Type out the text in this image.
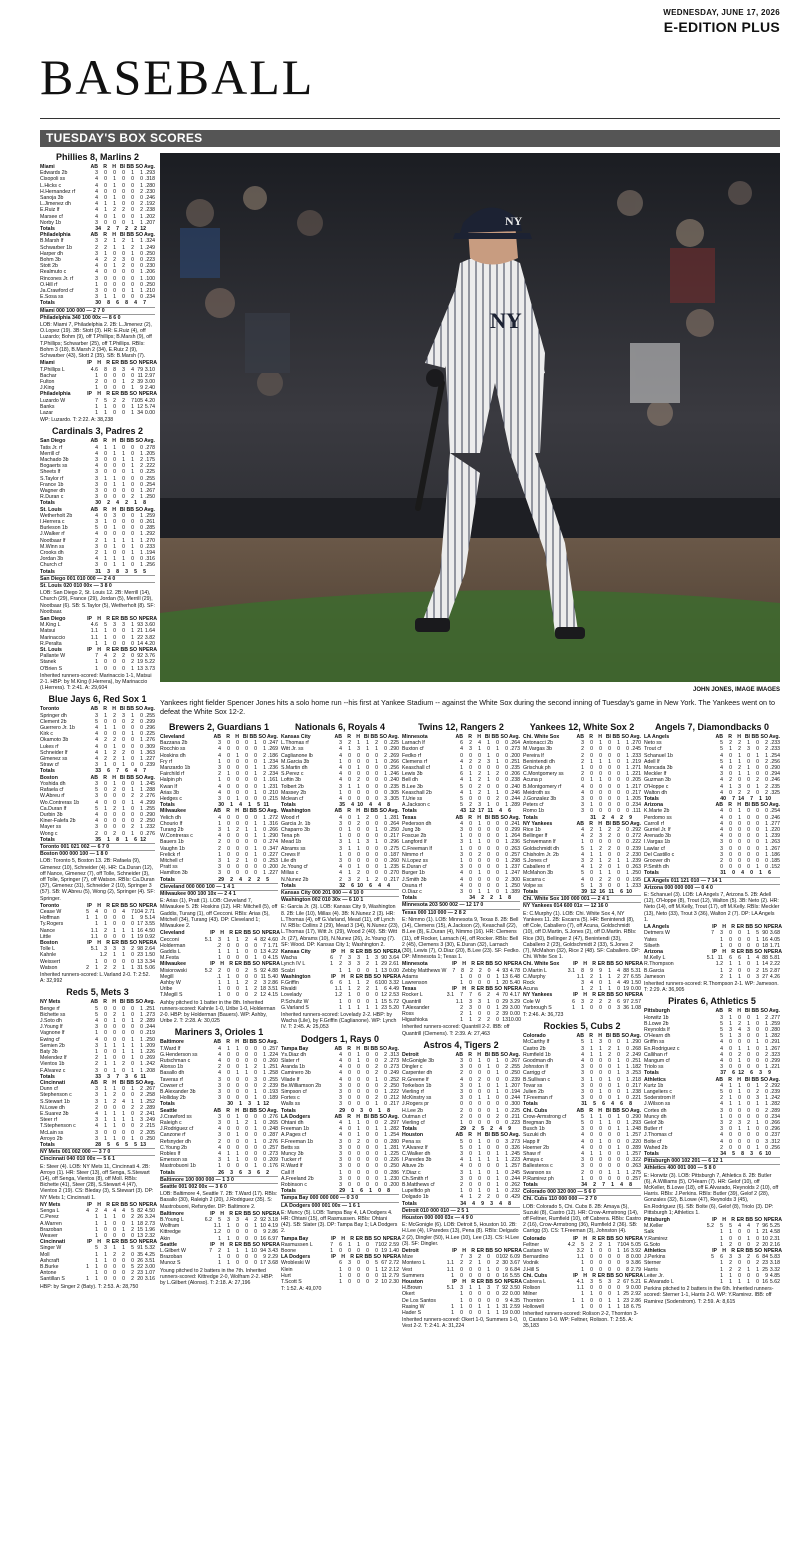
WEDNESDAY, JUNE 17, 2026
E-EDITION PLUS
BASEBALL
TUESDAY'S BOX SCORES
Phillies 8, Marlins 2
Miami	AB	R	H BI BB SO Avg.
Edwards 2b	3	0	0	0	1	1 .293
Cisopoli ss	4	0	1	0	0	0 .318
L.Hicks c	4	0	1	0	0	1 .280
H.Hernandez rf	4	0	0	0	0	2 .230
Sanoja 3b	4	0	1	0	0	0 .246
L.Jimenez dh	4	1	1	0	0	2 .192
E.Ruiz lf	4	1	2	2	0	2 .238
Marsee cf	4	0	1	0	0	1 .202
Norby 1b	3	0	0	0	1	1 .207
Totals	34	2	7	2	2 12
Philadelphia	AB	R	H BI BB SO Avg.
B.Marsh lf	3	2	1	2	1	1 .324
Schwarber 1b	2	2	1	1	2	1 .249
Harper dh	3	1	0	0	1	0 .250
Bohm 3b	4	2	2	3	0	0 .223
Stott 2b	4	0	1	2	0	0 .230
Realmuto c	4	0	0	0	0	1 .206
Rincones Jr. rf	3	0	0	0	0	1 .100
O.Hill rf	1	0	0	0	0	0 .250
Ja.Crawford cf	3	0	0	0	1	1 .210
E.Sosa ss	3	1	1	0	0	0 .234
Totals	30	8	6	8	4	7
Miami 000 100 000 — 2 7 0
Philadelphia 340 100 00x — 8 6 0
LOB: Miami 7, Philadelphia 2. 2B: L.Jimenez (2), O.Lopez (19). 3B: Stott (3). HR: E.Ruiz (4), off Luzardo; Bohm (9), off T.Phillips; B.Marsh (9), off T.Phillips; Schwarber (25), off T.Phillips. RBIs: Bohm 3 (18), B.Marsh 2 (34), E.Ruiz 2 (9), Schwarber (43), Stott 2 (35). SB: B.Marsh (7).
Miami	IP	H	R ER BB SO NP ERA
T.Phillips L	4.6	8	8	3	4 79 3.10
Bachar	1	0	0	0	0 11 2.97
Fulton	2	0	0	1	2 39 3.00
J.King	1	0	0	0	1	9 2.40
Philadelphia	IP	H	R ER BB SO NP ERA
Luzardo W	7	5	2	2	7 105 4.20
Banks	1	1	0	0	1 12 5.74
Lazar	1	1	0	0	1 34 0.00
WP: Luzardo. T: 2:22. A: 38,238
Cardinals 3, Padres 2
San Diego	AB	R	H BI BB SO Avg.
Tatis Jr. rf	4	1	1	0	0	0 .278
Merrill cf	4	0	1	1	0	1 .205
Machado 3b	3	0	0	1	1	2 .175
Bogaerts ss	4	0	0	0	1	2 .222
Sheets lf	3	0	0	0	1	0 .225
S.Taylor rf	3	1	1	0	0	0 .255
France 1b	3	0	1	1	0	0 .254
Wagner dh	3	0	0	0	0	1 .267
R.Duran c	3	0	0	0	2	1 .250
Totals	30	2	4	2	1	8
St. Louis	AB	R	H BI BB SO Avg.
Wetherholt 2b	4	0	3	0	0	1 .259
I.Herrera c	3	1	0	0	0	0 .261
Burleson 1b	5	0	1	0	0	0 .285
J.Walker rf	4	0	0	0	0	1 .292
Nootbaar lf	2	1	1	1	1	1 .270
M.Winn ss	3	0	1	0	1	0 .233
Crooks dh	2	1	0	0	1	1 .194
Jordan 3b	4	1	1	1	0	0 .316
Church cf	3	0	1	1	0	1 .256
Totals	31	3	8	3	5	5
San Diego 001 010 000 — 2 4 0
St. Louis 020 010 00x — 3 8 0
LOB: San Diego 2, St. Louis 12. 2B: Merrill (14), Church (29), France (29), Jordan (5), Merrill (29), Nootbaar (6). SB: S.Taylor (5), Wetherholt (8). SF: Nootbaar.
San Diego	IP	H	R ER BB SO NP ERA
M.King L	4.6	5	3	3	1 93 3.60
Matsui	1.1	1	0	0	1 21 1.64
Marinaccio	1.1	1	0	0	1 22 3.82
R.Peralta	1	1	0	0	0 14 4.20
St. Louis	IP	H	R ER BB SO NP ERA
Pallante W	7	4	2	2	0 92 3.76
Stanek	1	0	0	0	2 19 5.22
O'Brien S	1	0	0	0	1 13 3.73
Inherited runners-scored: Marinaccio 1-1, Matsui 2-1. HBP: by M.King (I.Herrera), by Marinaccio (I.Herrera). T: 2:41. A: 29,604
Blue Jays 6, Red Sox 1
Toronto	AB	R	H BI BB SO Avg.
Springer dh	3	1	2	3	1	0 .255
Clement 2b	5	0	0	0	2	0 .299
Guerrero Jr. 1b	4	1	1	0	0	0 .296
Kirk c	4	0	0	0	1	0 .225
Okamoto 3b	4	2	2	0	0	1 .276
Lukes rf	4	0	1	0	0	0 .309
Schneider lf	4	1	2	2	0	1 .363
Gimenez ss	4	2	2	1	0	1 .227
Straw cf	3	1	0	1	0	0 .239
Totals	33	6	7	6	4	7
Boston	AB	R	H BI BB SO Avg.
Yoshida dh	3	0	1	0	0	1 .245
Rafaela cf	5	0	2	0	1	1 .288
W.Abreu rf	3	0	0	0	2	2 .276
Wo.Contreras 1b	4	0	0	0	1	4 .299
Ca.Duran lf	5	1	2	1	0	1 .255
Durbin 3b	4	0	0	0	0	0 .290
Kiner-Falefa 2b	4	0	0	0	0	2 .250
Mayer ss	3	0	0	0	2	1 .232
Wong c	2	0	2	0	1	0 .276
Totals	35	1	8	1	6 12
Toronto 001 021 002 — 6 7 0
Boston 000 000 100 — 1 8 0
LOB: Toronto 5, Boston 13. 2B: Rafaela (9), Gimenez (10), Schneider (4). HR: Ca.Duran (12), off Nance, Gimenez (7), off Tolle, Schneider (3), off Tolle, Springer (7), off Watson. RBIs: Ca.Duran (37), Gimenez (31), Schneider 2 (10), Springer 3 (57). SB: W.Abreu (5), Wong (2), Springer (4). SF: Springer.
Toronto	IP	H	R ER BB SO NP ERA
Cease W	5	4	0	0	4	7 104 2.71
Hoffman	1	1	0	0	0	1	9 5.14
Ty.Rogers	1	1	0	0	0 17 3.55
Nance	1.1	2	1	1	1 16 4.50
Little	1.1	0	0	0	1 19 0.92
Boston	IP	H	R ER BB SO NP ERA
Tolle L	5.1	3	3	3	2 98 2.64
Kahnle	1.2	1	1	0 23 1.50
Weissert	1	0	0	0	0 13 3.34
Watson	2	1	2	2	1	1 31 5.06
Inherited runners-scored: L.Varland 2-0. T: 2:52. A: 32,992
Reds 5, Mets 3
NY Mets	AB	R	H BI BB SO Avg.
Benge rf	5	0	0	0	0	1 .251
Bichette ss	5	0	2	1	0	1 .273
J.Soto dh	4	0	1	0	1	2 .289
J.Young lf	3	0	0	0	0	0 .244
Vagnone lf	1	0	0	0	0	0 .219
Ewing cf	4	0	0	0	1	1 .250
Semien 2b	3	1	1	1	1	1 .209
Baty 3b	1	0	0	1	1	1 .226
Melendez lf	2	1	0	0	1	0 .269
Vientos 1b	2	1	1	2	0	1 .242
F.Alvarez c	3	0	1	0	1	1 .208
Totals	33	3	7	3	6 11
Cincinnati	AB	R	H BI BB SO Avg.
Dunn cf	3	1	1	0	1	2 .267
Stephenson c	3	1	2	0	0	2 .258
S.Stewart 1b	3	1	2	4	1	1 .252
N.Lowe dh	2	0	0	0	2	2 .289
E.Suarez 3b	4	1	1	1	0	2 .241
Steer rf	3	1	1	1	1	3 .249
T.Stephenson c	4	1	1	0	0	2 .215
McLain ss	3	0	0	0	0	2 .205
Arroyo 2b	3	1	1	0	1	0 .250
Totals	28	5	6	5	5 13
NY Mets 001 002 000 — 3 7 0
Cincinnati 040 010 00x — 5 6 1
E: Steer (4). LOB: NY Mets 11, Cincinnati 4. 2B: Arroyo (1). HR: Steer (13), off Senga, S.Stewart (14), off Senga, Vientos (8), off Moll. RBIs: Bichette (41), Steer (28), S.Stewart 4 (47), Vientos 2 (19). CS: Bleday (3), S.Stewart (3). DP: NY Mets 1; Cincinnati 1.
NY Mets	IP	H	R ER BB SO NP ERA
Senga L	4	2	4	4	4	5 82 4.50
C.Perez	1	1	1	0	2 26 3.24
A.Warren	1	1	0	0	1 18 2.73
Brazoban	1	0	0	1	2 15 1.96
Weaver	1	0	0	0	0 13 2.32
Cincinnati	IP	H	R ER BB SO NP ERA
Singer W	5	3	1	1	5 91 5.32
Moll	1	1	2	2	0 35 4.25
Ashcraft	1	1	0	0	0 26 3.51
B.Burke	1	1	0	0	0	5 22 3.00
Antone	1	0	0	0	2 23 1.07
Santillan S	1	1	0	0	0	2 20 3.16
HBP: by Singer 2 (Baty). T: 2:53. A: 28,750
NY
NY
JOHN JONES, IMAGE IMAGES
Yankees right fielder Spencer Jones hits a solo home run --his first at Yankee Stadium -- against the White Sox during the second inning of Tuesday's game in New York. The Yankees went on to defeat the White Sox 12-2.
Brewers 2, Guardians 1
Cleveland	AB	R	H BI BB SO Avg.
Bazzana 2b	3	0	0	0	1	0 .247
Rocchio ss	4	0	0	0	0	1 .269
Hoskins dh	4	0	1	0	0	2 .186
Fry rf	1	0	0	0	0	1 .234
Manzardo 1b	3	0	0	0	1	1 .236
Fairchild rf	2	1	0	0	1	2 .234
Halpin ph	1	0	0	0	0	1 .161
Kwan lf	4	0	0	0	0	1 .231
Arias 3b	4	0	0	0	1	0 .210
Hedges c	3	0	1	0	0	0 .215
Totals	30	1	4	1	5 11
Milwaukee	AB	R	H BI BB SO Avg.
Yelich dh	4	0	0	0	0	1 .272
Chourio lf	1	0	0	0	1	1 .316
Turang 2b	3	1	2	1	1	0 .266
W.Contreras c	4	0	0	0	1	1 .290
Bauers 1b	2	0	0	0	0	0 .274
Vaughn 1b	2	0	0	0	1	0 .347
Frelick rf	1	0	0	0	1	0 .227
Mitchell cf	3	1	2	1	0	0 .253
Pratt ss	3	0	0	0	0	0 .200
Hamilton 3b	3	0	0	0	0	1 .227
Totals	29	2	4	2	2	5
Cleveland 000 000 100 — 1 4 1
Milwaukee 000 100 10x — 2 4 1
E: Arias (1), Pratt (1). LOB: Cleveland 7, Milwaukee 5. 2B: Hoskins (12). HR: Mitchell (5), off Gaddis, Turang (1), off Cecconi. RBIs: Arias (5), Mitchell (34), Turang (43). DP: Cleveland 1; Milwaukee 2.
Cleveland	IP	H	R ER BB SO NP ERA
Cecconi	5.1	3	1	1	2	4 82 4.60
Holderman	.2	0	0	0	0	7 1.71
Gaddis L	1	1	1	0	0 13 4.22
M.Festa	1	0	0	0	1	0 4.15
Milwaukee	IP	H	R ER BB SO NP ERA
Misiorowski	5.2	2	0	0	2	5 92 4.88
Megill	.1	1	0	0	0 11 5.40
Ashby W	1	1	1	2	2	3 2.86
Uribe	1	0	0	1	2 18 3.51
T.Megill S	1	0	0	0	2 12 4.15
Ashby pitched to 1 batter in the 8th. Inherited runners-scored: Kahnle 1-0, Uribe 1-0, Holderman 2-0. HBP: by Holderman (Bauers). WP: Ashby, Uribe 2. T: 2:28. A: 30,025
Mariners 3, Orioles 1
Baltimore	AB	R	H BI BB SO Avg.
T.Ward lf	4	1	1	0	0	0 .257
G.Henderson ss	4	0	0	0	0	1 .224
Rutschman c	4	0	0	0	0	0 .260
Alonso 1b	2	0	0	1	2	1 .251
Basallo dh	4	0	1	1	0	1 .258
Taveras rf	3	0	0	0	3	0 .255
Cowser cf	3	0	0	0	0	2 .239
B.Alexander 3b	3	0	0	0	1	0 .193
Holliday 2b	3	0	0	0	1	0 .189
Totals	30	1	3	1 12
Seattle	AB	R	H BI BB SO Avg.
J.Crawford ss	3	0	1	0	0	0 .276
Raleigh c	3	0	1	2	1	0 .265
J.Rodriguez cf	4	0	0	0	1	0 .248
Canzone rf	3	0	1	0	0	0 .287
Refsnyder dh	2	0	0	0	1	0 .276
C.Young 2b	4	0	0	0	0	0 .257
Robles lf	4	1	1	0	0	0 .273
Emerson ss	3	1	1	0	0	0 .209
Mastrobuoni 1b	1	0	0	0	1	0 .176
Totals	26	3	6	3	6	2
Baltimore 100 000 000 — 1 3 0
Seattle 001 002 00x — 3 6 0
LOB: Baltimore 4, Seattle 7. 2B: T.Ward (17). RBIs: Basallo (30), Raleigh 2 (20), J.Rodriguez (35). S: Mastrobuoni, Refsnyder. DP: Baltimore 2.
Baltimore	IP	H	R ER BB SO NP ERA
B.Young L	6.2	5	3	3	4	2 92 3.18
Wolfram	1.1	1	0	0	1 10 4.19
Kittredge	1.2	0	0	0	0	9 2.86
Akin	1	1	0	0	0 16 6.97
Seattle	IP	H	R ER BB SO NP ERA
L.Gilbert W	7	2	1	1	1 10 94 3.43
Brazoban	1	0	0	0	0	9 2.29
Munoz S	1	1	0	0	0 17 3.68
Young pitched to 2 batters in the 7th. Inherited runners-scored: Kittredge 2-0, Wolfram 2-2. HBP: by L.Gilbert (Alonso). T: 2:18. A: 27,196
Nationals 6, Royals 4
Kansas City	AB	R	H BI BB SO Avg.
L.Thomas rf	3	2	1	1	2	0 .225
Witt Jr. ss	4	1	3	1	1	0 .290
Caglianone lb	4	0	0	0	0	2 .269
M.Garcia 3b	1	0	0	0	1	0 .266
S.Martin dh	4	0	1	0	0	0 .256
S.Perez c	4	0	0	0	0	1 .246
Loftin 3b	4	0	2	0	0	0 .240
Tolbert 2b	3	1	1	0	0	0 .235
Massey 2b	1	0	0	0	0	0 .305
Mclean cf	4	0	0	0	0	3 .305
Totals	35	4 10	4	4	8
Washington	AB	R	H BI BB SO Avg.
Wood rf	4	0	1	2	0	1 .281
Garcia Jr. 1b	3	0	2	0	0	0 .264
Chaparro 3b	0	1	0	0	1	0 .250
Tena ph	1	0	0	0	0	0 .217
Mead 1b	3	1	1	3	1	0 .296
Abrams ss	3	1	1	0	0	0 .275
Crews lf	1	0	0	0	0	0 .187
Lile dh	3	0	0	0	0	0 .260
Jc.Young cf	4	0	1	0	0	1 .235
Millas c	4	1	2	0	0	0 .270
N.Nunez 2b	2	3	2	1	2	0 .217
Totals	32	6 10	6	4	4
Kansas City 000 201 000 — 4 10 0
Washington 002 010 30x — 6 10 1
E: Garcia Jr. (3). LOB: Kansas City 9, Washington 8. 2B: Lile (10), Millas (4). 3B: N.Nunez 2 (3). HR: L.Thomas (4), off G.Varland, Mead (11), off Lynch IV. RBIs: Collins 2 (29), Mead 3 (34), N.Nunez (23), L.Thomas (17), Witt Jr. (29), Wood 2 (40). SB: Witt Jr. (27), Abrams (10), N.Nunez (26), Jc.Young (7). SF: Wood. DP: Kansas City 1; Washington 2.
Kansas City	IP	H	R ER BB SO NP ERA
Wacha	6	7	3	3	1	3 90 3.64
Lynch IV L	1	2	3	3	2	1 29 2.61
Scalzi	1	1	0	0	1 13 0.00
Washington	IP	H	R ER BB SO NP ERA
F.Griffin	6	6	1	1	2	6 100 3.32
Rivaldi	1.1	1	2	2	1	6 4.49
Lovelady	1.2	1	0	0	0 12 2.53
P.Schultz W	1	0	0	0	1 15 5.72
G.Varland S	1	1	1	1	1 23 5.20
Inherited runners-scored: Lovelady 2-2. HBP: by Wacha (Lile), by F.Griffin (Caglianone). WP: Lynch IV. T: 2:45. A: 25,053
Dodgers 1, Rays 0
Tampa Bay	AB	R	H BI BB SO Avg.
Ys.Diaz dh	4	0	1	0	0	2 .313
Slater rf	4	0	1	0	0	2 .273
Aranda 1b	4	0	0	0	2	0 .273
Caminero 3b	4	0	0	0	2	0 .249
Vilade lf	4	0	0	0	1	0 .252
Be.Williamson 2b	3	0	0	0	0	2 .250
Simpson cf	3	0	0	0	0	1 .222
Fortes c	3	0	0	0	2	0 .212
Walls ss	3	0	0	0	1	0 .217
Totals	29	0	3	0	1	8
LA Dodgers	AB	R	H BI BB SO Avg.
Ohtani dh	4	1	1	0	0	2 .297
Freeman 1b	4	0	1	0	1	1 .282
A.Pages cf	4	0	1	0	0	1 .254
F.Freeman 1b	3	0	2	0	0	0 .280
Betts ss	3	0	0	0	0	1 .281
Muncy 3b	3	0	0	0	0	1 .225
Tucker rf	3	0	0	0	0	0 .226
R.Ward lf	3	0	0	0	0	0 .250
Call lf	1	0	0	0	0	0 .286
A.Freeland 2b	3	0	0	0	0	1 .230
Robinson c	3	0	0	0	0	0 .200
Totals	29	1	6	1	0	8
Tampa Bay 000 000 000 — 0 3 0
LA Dodgers 000 001 00x — 1 6 1
E: Muncy (5). LOB: Tampa Bay 4, LA Dodgers 4. HR: Ohtani (15), off Rasmussen. RBIs: Ohtani (42). SB: Slater (3). DP: Tampa Bay 1; LA Dodgers 2.
Tampa Bay	IP	H	R ER BB SO NP ERA
Rasmussen L	7	6	1	1	0	7 102 2.59
Boone	1	0	0	0	0	0 19 1.40
LA Dodgers	IP	H	R ER BB SO NP ERA
Wrobleski W	6	3	0	0	5 67 2.72
Klein	1	0	0	0	1 12 2.12
Hurt	1	0	0	0	0 11 2.79
T.Scott S	1	0	0	0	2 10 2.30
T: 1:52. A: 49,070
Twins 12, Rangers 2
Minnesota	AB	R	H BI BB SO Avg.
Larnach lf	6	2	4	1	0	0 .264
Buxton cf	4	3	1	0	1	0 .273
Fedko rf	0	0	0	1	0	0 .200
Clemens rf	4	2	2	3	1	0 .251
Keaschall cf	1	0	0	0	0	0 .235
Lewis 3b	6	1	2	1	2	0 .206
Bell dh	4	1	2	1	0	0 .238
B.Lee 3b	5	0	2	0	0	0 .240
Keaschall 2b	4	1	2	1	1	0 .246
T.Urie ss	5	0	0	0	2	0 .244
A.Jackson c	5	2	3	1	0	1 .289
Totals	43 12 17 11	4	6
Texas	AB	R	H BI BB SO Avg.
Pederson dh	4	0	1	0	0	0 .241
Jung 3b	3	0	0	0	0	0 .299
Foscue 2b	1	0	0	0	0	1 .264
Langford lf	3	1	1	0	0	1 .236
C.Freeman lf	1	0	0	0	0	0 .263
Nimmo rf	3	0	2	0	0	0 .257
N.Lopez ss	1	0	0	0	0	1 .298
E.Duran cf	3	0	0	0	0	1 .237
Burger 1b	4	0	1	0	0	1 .247
J.Smith 3b	4	0	0	0	0	2 .300
Osuna rf	4	0	0	0	0	1 .250
O.Diaz c	3	0	1	1	0	1 .389
Totals	34	2	2	1	8
Minnesota 203 500 002 — 12 17 0
Texas 000 110 000 — 2 8 2
E: Nimmo (1). LOB: Minnesota 9, Texas 8. 2B: Bell (14), Clemens (15), A.Jackson (2), Keaschall (22), B.Lee (8), E.Duran (4), Nimmo (16). HR: Clemens (11), off Rocker, Larnach (4), off Rocker. RBIs: Bell 2 (45), Clemens 3 (30), E.Duran (32), Larnach (30), Lewis (7), O.Diaz (20), B.Lee (23). SF: Fedko. DP: Minnesota 1; Texas 1.
Minnesota	IP	H	R ER BB SO NP ERA
Zebby Matthews W	7	8	2	2	0	4 93 4.78
Adams	1	0	0	0	1 13 6.48
Lawrenson	1	0	0	0	1 20 5.40
Texas	IP	H	R ER BB SO NP ERA
Rocker L	3.1	7	7	6	2	4 70 4.17
Quantrill	1.1	3	3	1	0 29 3.29
T.Alexander	2	3	0	0	1 29 3.00
Ross	2	1	0	0	2 39 0.00
Higashioka	1	1	2	2	0 13 10.00
Inherited runners-scored: Quantrill 2-2. IBB: off Quantrill (Clemens). T: 2:39. A: 27,463
Astros 4, Tigers 2
Detroit	AB	R	H BI BB SO Avg.
McGonigle 3b	3	0	1	0	1	0 .267
Dingler c	3	0	0	1	0	2 .255
Carpenter dh	2	0	0	0	1	0 .250
R.Greene lf	4	0	2	0	0	0 .239
Torkelson 1b	3	0	1	0	1	1 .207
Vierling rf	3	0	0	0	1	0 .194
McKinstry ss	3	0	1	1	0	0 .244
J.Rogers pr	0	0	0	0	0	0 .300
H.Lee 2b	2	0	0	0	1	0 .225
Outman cf	2	0	0	0	2	0 .211
Vierling cf	1	0	0	0	0	0 .223
Totals	29	2	5	2	4	9
Houston	AB	R	H BI BB SO Avg.
Pena ss	5	0	1	0	0	3 .273
Y.Alvarez lf	5	0	1	0	0	0 .326
C.Walker dh	3	0	1	0	1	1 .245
I.Paredes 3b	4	1	1	1	1	1 .223
Altuve 2b	4	0	0	0	0	1 .257
Y.Diaz c	3	1	1	0	1	0 .245
Ch.Smith rf	3	0	0	0	1	0 .244
B.Matthews cf	2	0	0	0	1	0 .262
Lupelfido ph	1	0	1	0	1	0 .232
Dolgado 1b	4	1	2	2	0	0 .429
Totals	34	4	9	3	4	8
Detroit 010 000 010 — 2 5 1
Houston 000 000 03x — 4 9 0
E: McGonigle (6). LOB: Detroit 5, Houston 10. 2B: H.Lee (4), I.Paredes (13), Pena (8). RBIs: Delgado 2 (2), Dingler (50), H.Lee (10), Lee (13). CS: H.Lee (3). SF: Dingler.
Detroit	IP	H	R ER BB SO NP ERA
Mize	7	3	2	0	0 102 6.09
Montero L	1.1	2	2	1	0	2 30 3.67
Vest	1.1	0	0	0	1	0	9 6.84
Summers	1	0	0	0	0	0 16 5.55
Houston	IP	H	R ER BB SO NP ERA
H.Brown	5.1	3	1	1	3	7 92 3.50
Okert	1	0	0	0	0 22 0.00
De Los Santos	1	0	0	0	0	9 4.35
Rasing W	1	1	0	1	1	1 31 2.59
Hader S	1	0	0	0	1	1 19 0.00
Inherited runners-scored: Okert 1-0, Summers 1-0, Vest 2-2. T: 2:41. A: 31,224
Yankees 12, White Sox 2
Chi. White Sox	AB	R	H BI BB SO Avg.
Antonacci 2b	3	0	1	0	1	1 .270
M.Vargas 3b	2	0	0	0	0	0 .245
Pereira lf	2	0	0	0	0	1 .233
Benintendi dh	2	1	1	1	0	1 .219
Grischuk ph	1	0	0	0	0	1 .271
C.Montgomery ss	2	0	0	0	0	1 .221
Acuna p	0	1	1	0	0	0 .205
B.Montgomery rf	4	0	0	0	0	1 .217
Meidroth ss	4	0	0	0	0	0 .217
J.Gonzalez 3b	3	0	0	0	0	1 .205
Peters cf	3	1	0	0	0	0 .234
Romo 1b	3	0	0	0	0	0 .111
Totals	31	2	4	2	9
NY Yankees	AB	R	H BI BB SO Avg.
Rice 1b	4	2	1	2	2	0 .292
Bellinger lf	4	2	3	2	0	0 .272
Schwemann lf	1	0	0	0	0	0 .222
Goldschmidt dh	5	1	2	2	0	0 .239
Chisholm Jr. 2b	4	1	1	0	0	2 .230
S.Jones cf	3	2	1	2	1	1 .239
Caballero rf	4	1	2	0	1	0 .263
McMahon 3b	5	0	1	1	0	1 .250
Escarra c	4	0	2	2	0	0 .195
Volpe ss	5	1	3	0	0	1 .233
Totals	39 12 16 11	6 10
Chi. White Sox 100 000 001 — 2 4 1
NY Yankees 014 600 01x — 12 16 0
E: C.Murphy (1). LOB: Chi. White Sox 4, NY Yankees 11. 2B: Escarra (5). HR: Benintendi (8), off Cole, Caballero (7), off Acuna, Goldschmidt (10), off D.Martin, S.Jones (2), off D.Martin. RBIs: Rice (30), Bellinger 2 (47), Benintendi (33), Caballero 2 (23), Goldschmidt 2 (33), S.Jones 2 (7), McMahon (32), Rice 2 (48). SF: Caballero. DP: Chi. White Sox 1.
Chi. White Sox	IP	H	R ER BB SO NP ERA
D.Martin L	3.1	8	9	9	1	4 88 5.31
C.Murphy	1.1	2	1	1	2 27 6.55
Rock	3	4	0	1	4 49 1.50
Acuna	1	2	1	1	0 19 0.00
NY Yankees	IP	H	R ER BB SO NP ERA
Cole W	6	3	2	2	2	6 97 2.57
Yarbrough S	1	1	0	0	0	3 36 1.08
T: 2:46. A: 36,723
Rockies 5, Cubs 2
Colorado	AB	R	H BI BB SO Avg.
McCarthy lf	5	1	3	0	0	1 .290
Castro 2b	3	1	1	2	1	0 .268
Rumfield 1b	4	1	1	2	0	2 .249
Goodman dh	4	0	0	0	1	0 .251
Johnston lf	3	0	0	0	1	1 .182
Carrigg cf	3	0	0	0	1	3 .253
B.Sullivan c	3	1	0	1	0	1 .218
Tovar ss	3	0	0	0	1	0 .217
Julien 2b	3	0	1	0	0	1 .238
T.Freeman rf	3	0	0	0	1	0 .221
Totals	31	5	6	4	6	8
Chi. Cubs	AB	R	H BI BB SO Avg.
Crow-Armstrong cf	5	1	1	0	1	0 .290
Bregman 3b	5	0	1	1	0	1 .293
Busch 1b	3	0	0	0	1	1 .248
Suzuki dh	4	0	0	0	0	1 .257
Happ lf	4	0	1	0	0	0 .220
Hoerner 2b	4	0	0	0	1	0 .289
Shaw rf	4	1	1	0	0	1 .257
Amaya c	3	0	0	0	0	0 .322
Ballesteros c	3	0	0	0	0	0 .263
Swanson ss	2	0	0	1	1	1 .275
P.Ramirez ph	1	0	0	0	0	0 .257
Totals	34	2	7	1	4	8
Colorado 000 320 000 — 5 6 0
Chi. Cubs 110 000 000 — 2 7 0
LOB: Colorado 5, Chi. Cubs 8. 2B: Amaya (5), Suzuki (8), Castro (12). HR: Crow-Armstrong (14), off Feltner, Rumfield (10), off Cabrera. RBIs: Castro 2 (16), Crow-Armstrong (36), Rumfield 2 (36). SB: Carrigg (3). CS: T.Freeman (3), Johnston (4).
Colorado	IP	H	R ER BB SO NP ERA
Feltner	4.2	5	2	2	1	7 104 5.05
Castano W	3.2	1	0	0	1 16 3.92
Bernardino	1.1	0	0	0	0	8 0.00
Vodnik	1	0	0	0	0	9 3.86
J.Hill S	1	0	0	0	0	8 2.79
Chi. Cubs	IP	H	R ER BB SO NP ERA
Cabrera L	4.1	3	5	3	2 67 5.21
Rolison	1.1	0	0	0	0	9 0.00
Milner	1	1	0	0	1 25 2.92
Thornton	1	1	0	0	1	1 23 2.86
Hollowell	1	0	0	1	1 18 6.75
Inherited runners-scored: Rolison 2-2, Thornton 3-0, Castano 1-0. WP: Feltner, Rolison. T: 2:55. A: 35,183
Angels 7, Diamondbacks 0
LA Angels	AB	R	H BI BB SO Avg.
Neto ss	5	2	2	1	0	2 .233
Trout cf	5	1	2	3	0	2 .233
Schanuel 1b	4	0	1	0	1	1 .254
Adell lf	5	1	1	0	0	2 .256
Moncada 3b	4	0	2	1	0	0 .290
Meckler lf	3	0	1	1	0	0 .294
Guzman 3b	4	2	0	0	2	0 .246
O'Hoppe c	4	1	3	0	1	2 .235
Walton dh	4	0	2	2	0	2 .325
Totals	40	7 14	7	1 10
Arizona	AB	R	H BI BB SO Avg.
K.Marte 2b	4	0	1	0	0	0 .254
Perdomo ss	4	0	1	0	0	0 .246
Carroll rf	4	0	0	0	0	1 .277
Gurriel Jr. lf	4	0	0	0	0	1 .220
Arenado 3b	4	0	0	0	0	1 .239
I.Vargas 1b	3	0	0	0	0	1 .263
Lawlar cf	3	0	0	0	0	1 .267
Del Castillo c	3	0	0	0	0	1 .186
Groover dh	2	0	0	0	0	0 .185
P.Smith dh	0	0	0	0	1	0 .152
Totals	31	0	4	0	1	6
LA Angels 011 121 010 — 7 14 1
Arizona 000 000 000 — 0 4 0
E: Schanuel (3). LOB: LA Angels 7, Arizona 5. 2B: Adell (12), O'Hoppe (8), Trout (12), Walton (5). 3B: Neto (2). HR: Neto (14), off M.Kelly, Trout (17), off M.Kelly. RBIs: Meckler (13), Neto (33), Trout 3 (36), Walton 2 (7). DP: LA Angels 1.
LA Angels	IP	H	R ER BB SO NP ERA
Detmers W	7	3	0	0	1	5 90 3.68
Yates	1	0	0	0	1 16 4.05
Silseth	1	0	0	0	0 18 1.71
Arizona	IP	H	R ER BB SO NP ERA
M.Kelly L	5.1 11	6	6	1	4 88 5.81
R.Thompson	1.2	1	1	0	1 14 2.22
B.Garcia	1	2	0	0	2 15 2.87
Jameson	2	1	1	0	3 27 4.26
Inherited runners-scored: R.Thompson 2-1. WP: Jameson. T: 2:29. A: 36,905
Pirates 6, Athletics 5
Pittsburgh	AB	R	H BI BB SO Avg.
Horwitz 1b	3	1	0	0	1	2 .277
B.Lowe 2b	5	1	2	1	0	1 .259
Reynolds lf	5	3	4	3	0	0 .280
O'Hearn dh	5	1	3	0	0	1 .282
Griffin ss	4	0	0	0	1	0 .291
En.Rodriguez c	4	0	1	1	0	1 .267
Callihan rf	4	0	2	0	0	2 .323
Mangum cf	4	0	1	0	0	0 .299
Triolo ss	3	0	0	0	0	1 .221
Totals	37	6 12	6	3	9
Athletics	AB	R	H BI BB SO Avg.
Kurtz 1b	4	1	1	0	1	2 .292
Langeliers c	5	0	1	0	2	0 .239
Soderstrom lf	2	1	0	0	3	1 .242
J.Wilson ss	4	1	1	0	1	1 .282
Cortes dh	3	0	0	0	0	2 .289
Muncy dh	1	0	0	0	0	0 .234
Gelof 3b	3	2	3	2	1	0 .266
Butler rf	3	0	1	1	0	0 .296
J.Thomas cf	4	0	0	0	0	0 .237
Bolte cf	4	0	0	0	0	3 .312
Wahed 2b	2	0	0	0	1	0 .256
Totals	34	5	8	3	6 10
Pittsburgh 000 102 201 — 6 12 1
Athletics 400 001 000 — 5 8 0
E: Horwitz (3). LOB: Pittsburgh 7, Athletics 8. 2B: Butler (6), A.Williams (5), O'Hearn (7). HR: Gelof (10), off McKeller, B.Lowe (18), off E.Alvarado, Reynolds 2 (10), off Harris. RBIs: J.Perkins. RBIs: Butler (39), Gelof 2 (28), Gonzales (32), B.Lowe (47), Reynolds 3 (45), En.Rodriguez (6). SB: Bolte (6), Gelof (8), Triolo (3). DP: Pittsburgh 1; Athletics 1.
Pittsburgh	IP	H	R ER BB SO NP ERA
M.Keller	5.2	5	5	4	4	7 96 5.25
Salk	1	1	0	0	1 21 4.58
Y.Ramirez	1	0	0	1	0 10 2.31
G.Soto	1	2	0	0	2 20 2.16
Athletics	IP	H	R ER BB SO NP ERA
J.Perkins	5	6	3	3	2	6 84 5.83
Sterner	1	2	0	0	2 23 3.18
Harris	1	2	2	1	1 25 3.32
Leiter Jr.	1	1	0	0	0	9 4.85
E.Alvarado L	1	1	1	1	0 16 5.62
Perkins pitched to 2 batters in the 6th. Inherited runners-scored: Sterner 1-1, Harris 2-0. WP: Y.Ramirez. IBB: off Ramirez (Soderstrom). T: 2:59. A: 8,615
